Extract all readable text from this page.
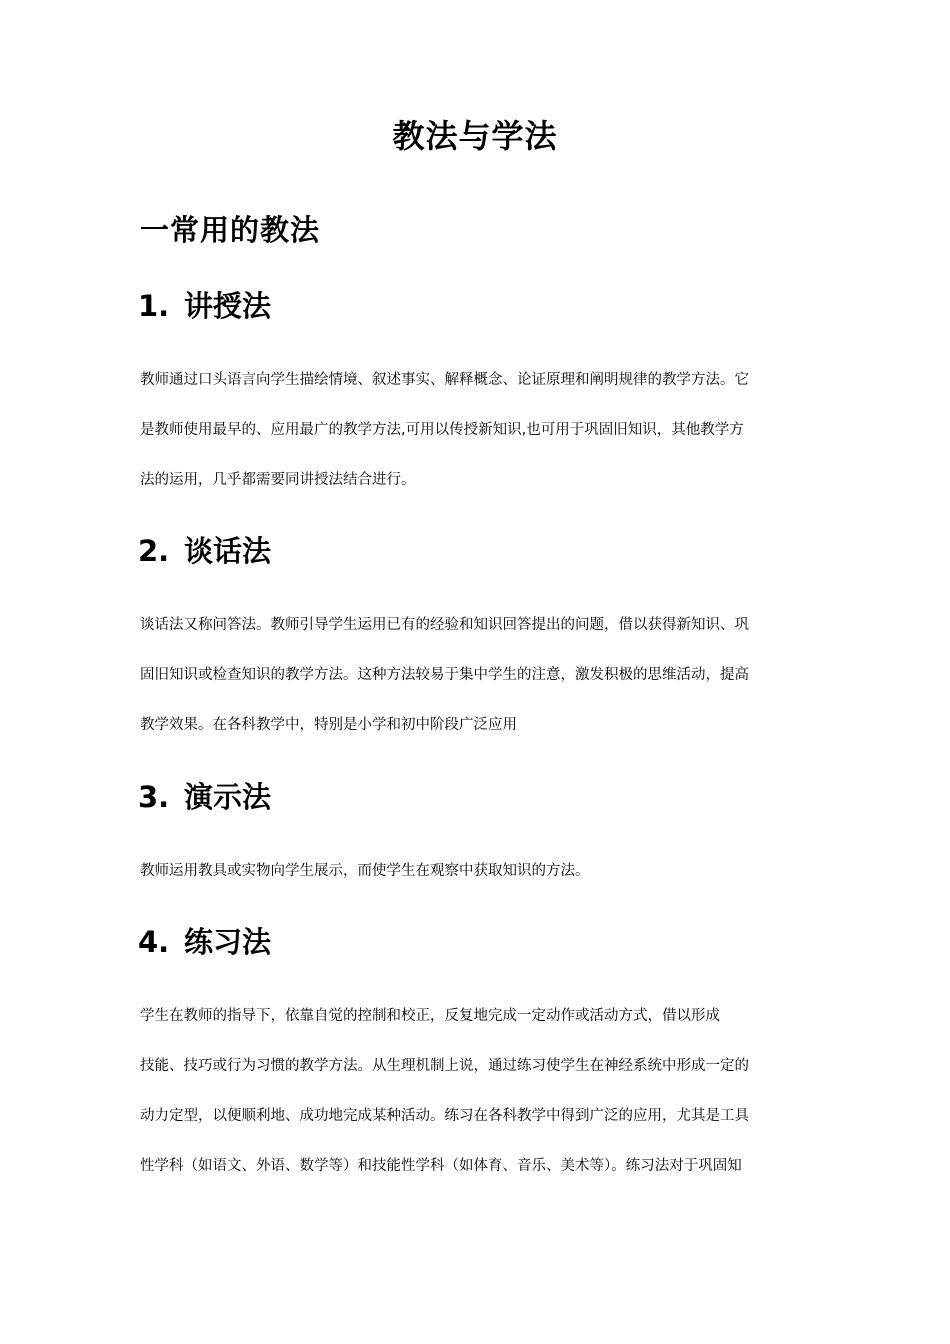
教法与学法
一常用的教法
1. 讲授法
教师通过口头语言向学生描绘情境、叙述事实、解释概念、论证原理和阐明规律的教学方法。它
是教师使用最早的、应用最广的教学方法,可用以传授新知识,也可用于巩固旧知识，其他教学方
法的运用，几乎都需要同讲授法结合进行。
2. 谈话法
谈话法又称问答法。教师引导学生运用已有的经验和知识回答提出的问题，借以获得新知识、巩
固旧知识或检查知识的教学方法。这种方法较易于集中学生的注意，激发积极的思维活动，提高
教学效果。在各科教学中，特别是小学和初中阶段广泛应用
3. 演示法
教师运用教具或实物向学生展示，而使学生在观察中获取知识的方法。
4. 练习法
学生在教师的指导下，依靠自觉的控制和校正，反复地完成一定动作或活动方式，借以形成
技能、技巧或行为习惯的教学方法。从生理机制上说，通过练习使学生在神经系统中形成一定的
动力定型，以便顺利地、成功地完成某种活动。练习在各科教学中得到广泛的应用，尤其是工具
性学科（如语文、外语、数学等）和技能性学科（如体育、音乐、美术等）。练习法对于巩固知
